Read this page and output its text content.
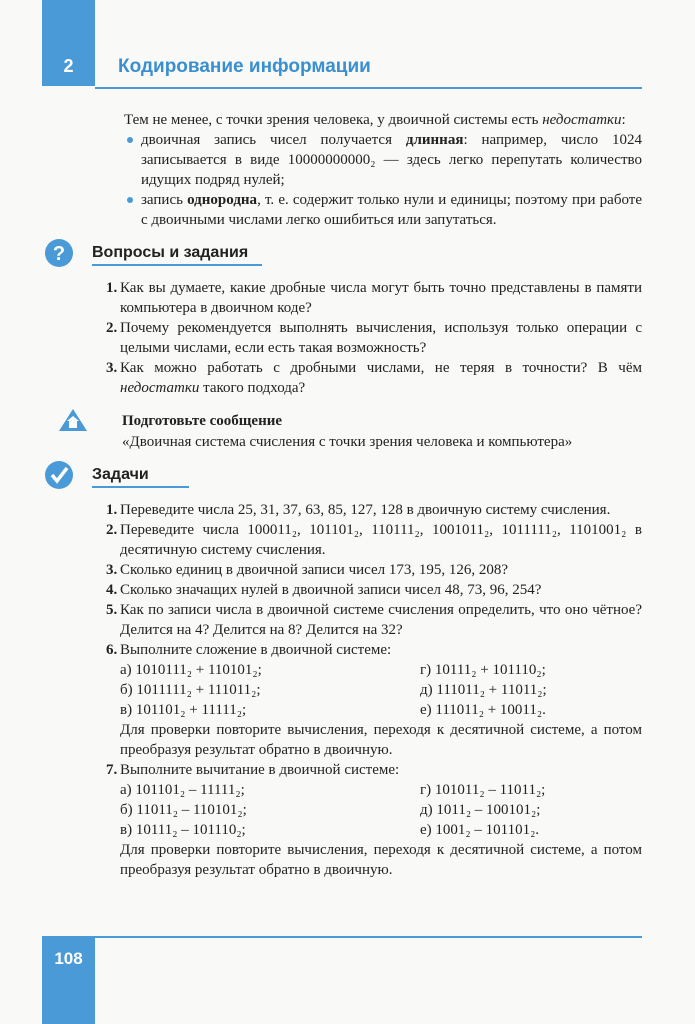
2	Кодирование информации

Тем не менее, с точки зрения человека, у двоичной системы есть недостатки:

двоичная запись чисел получается длинная: например, число 1024 записывается в виде 10000000000₂ — здесь легко перепутать количество идущих подряд нулей;

запись однородна, т. е. содержит только нули и единицы; поэтому при работе с двоичными числами легко ошибиться или запутаться.

? Вопросы и задания
1. Как вы думаете, какие дробные числа могут быть точно представлены в памяти компьютера в двоичном коде?
2. Почему рекомендуется выполнять вычисления, используя только операции с целыми числами, если есть такая возможность?
3. Как можно работать с дробными числами, не теряя в точности? В чём недостатки такого подхода?
Подготовьте сообщение
«Двоичная система счисления с точки зрения человека и компьютера»
Задачи
1. Переведите числа 25, 31, 37, 63, 85, 127, 128 в двоичную систему счисления.
2. Переведите числа 100011₂, 101101₂, 110111₂, 1001011₂, 1011111₂, 1101001₂ в десятичную систему счисления.
3. Сколько единиц в двоичной записи чисел 173, 195, 126, 208?
4. Сколько значащих нулей в двоичной записи чисел 48, 73, 96, 254?
5. Как по записи числа в двоичной системе счисления определить, что оно чётное? Делится на 4? Делится на 8? Делится на 32?
6. Выполните сложение в двоичной системе:
а) 1010111₂ + 110101₂;	г) 10111₂ + 101110₂;
б) 1011111₂ + 111011₂;	д) 111011₂ + 11011₂;
в) 101101₂ + 11111₂;	е) 111011₂ + 10011₂.
Для проверки повторите вычисления, переходя к десятичной системе, а потом преобразуя результат обратно в двоичную.
7. Выполните вычитание в двоичной системе:
а) 101101₂ – 11111₂;	г) 101011₂ – 11011₂;
б) 11011₂ – 110101₂;	д) 1011₂ – 100101₂;
в) 10111₂ – 101110₂;	е) 1001₂ – 101101₂.
Для проверки повторите вычисления, переходя к десятичной системе, а потом преобразуя результат обратно в двоичную.
108
